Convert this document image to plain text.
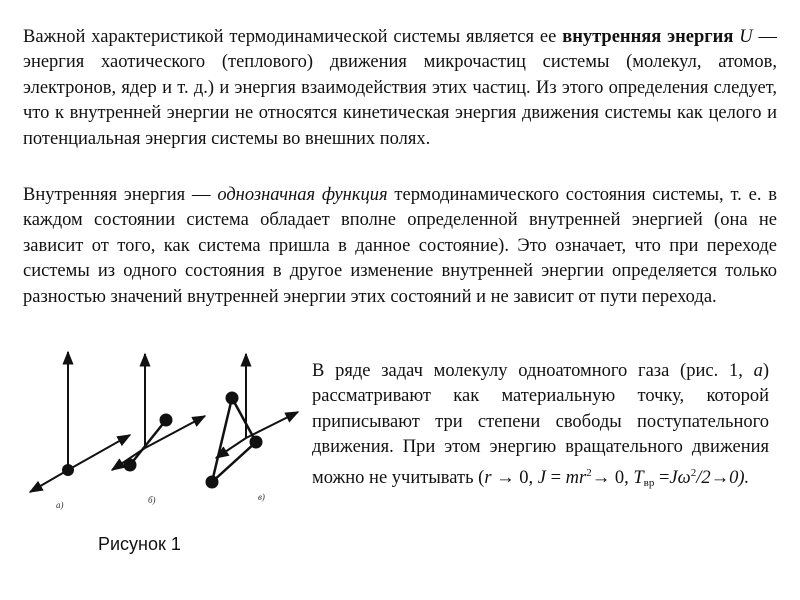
Важной характеристикой термодинамической системы является ее внутренняя энергия U — энергия хаотического (теплового) движения микрочастиц системы (молекул, атомов, электронов, ядер и т. д.) и энергия взаимодействия этих частиц. Из этого определения следует, что к внутренней энергии не относятся кинетическая энергия движения системы как целого и потенциальная энергия системы во внешних полях.

Внутренняя энергия — однозначная функция термодинамического состояния системы, т. е. в каждом состоянии система обладает вполне определенной внутренней энергией (она не зависит от того, как система пришла в данное состояние). Это означает, что при переходе системы из одного состояния в другое изменение внутренней энергии определяется только разностью значений внутренней энергии этих состояний и не зависит от пути перехода.

В ряде задач молекулу одноатомного газа (рис. 1, а) рассматривают как материальную точку, которой приписывают три степени свободы поступательного движения. При этом энергию вращательного движения можно не учитывать (r → 0, $J = mr^2\to 0$, $T_{вр} =J\omega^2/2\to 0$).

а)	б)	в)
Рисунок 1
